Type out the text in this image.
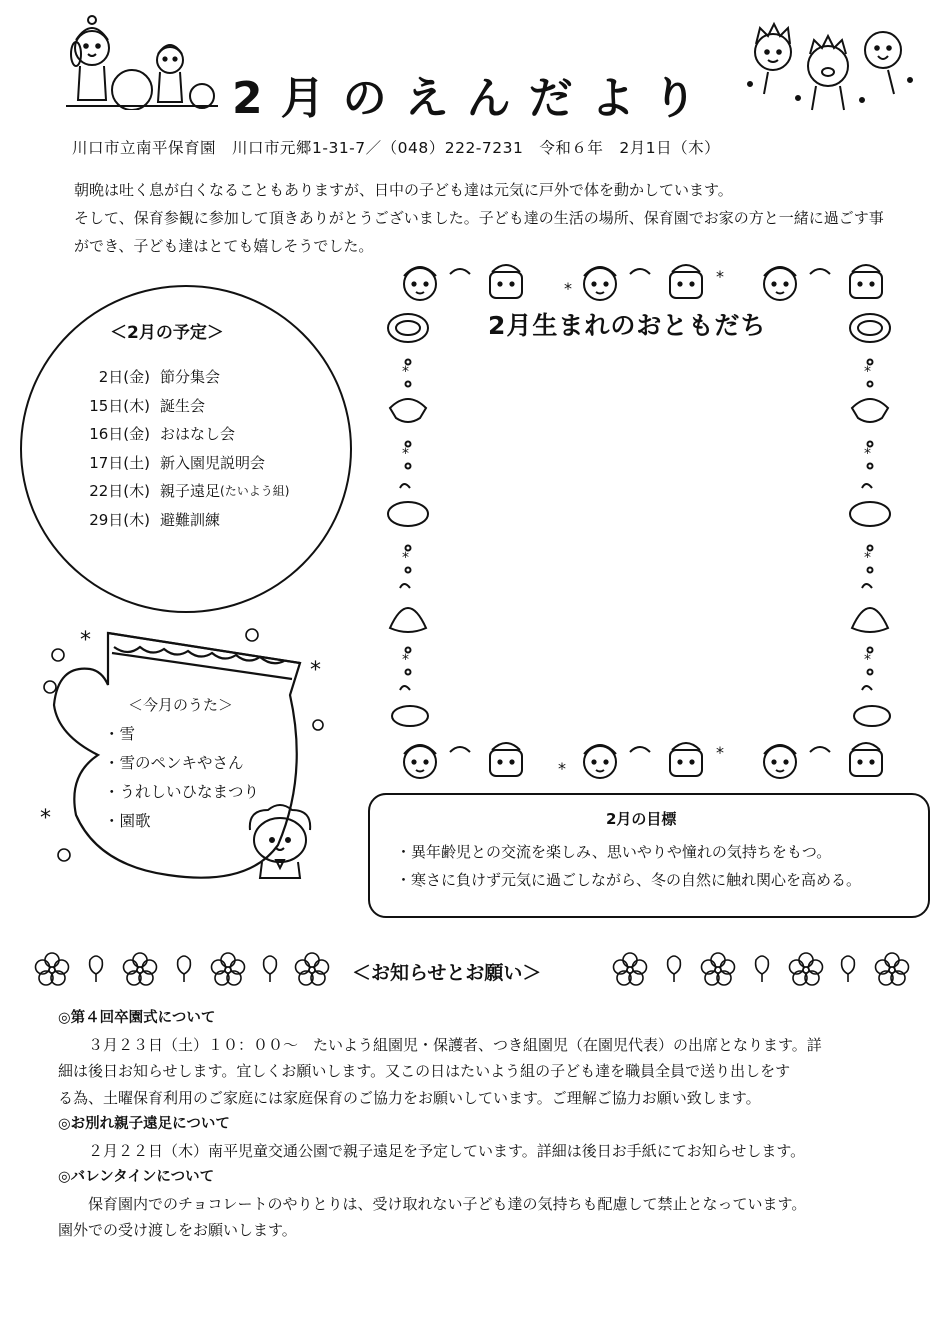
2月のえんだより
川口市立南平保育園　川口市元郷1-31-7／（048）222-7231　令和６年　2月1日（木）

朝晩は吐く息が白くなることもありますが、日中の子ども達は元気に戸外で体を動かしています。

そして、保育参観に参加して頂きありがとうございました。子ども達の生活の場所、保育園でお家の方と一緒に過ごす事ができ、子ども達はとても嬉しそうでした。

＜2月の予定＞
2日(金) 節分集会
15日(木) 誕生会
16日(金) おはなし会
17日(土) 新入園児説明会
22日(木) 親子遠足 (たいよう組)
29日(木) 避難訓練
*
*
*
＜今月のうた＞
・雪
・雪のペンキやさん
・うれしいひなまつり
・園歌
*
*
*
*
*
*
*
*
2月生まれのおともだち
2月の目標
・異年齢児との交流を楽しみ、思いやりや憧れの気持ちをもつ。
・寒さに負けず元気に過ごしながら、冬の自然に触れ関心を高める。
＜お知らせとお願い＞

◎第４回卒園式について

３月２３日（土）１０：００～　たいよう組園児・保護者、つき組園児（在園児代表）の出席となります。詳

細は後日お知らせします。宜しくお願いします。又この日はたいよう組の子ども達を職員全員で送り出しをす

る為、土曜保育利用のご家庭には家庭保育のご協力をお願いしています。ご理解ご協力お願い致します。

◎お別れ親子遠足について

２月２２日（木）南平児童交通公園で親子遠足を予定しています。詳細は後日お手紙にてお知らせします。

◎バレンタインについて

保育園内でのチョコレートのやりとりは、受け取れない子ども達の気持ちも配慮して禁止となっています。

園外での受け渡しをお願いします。
